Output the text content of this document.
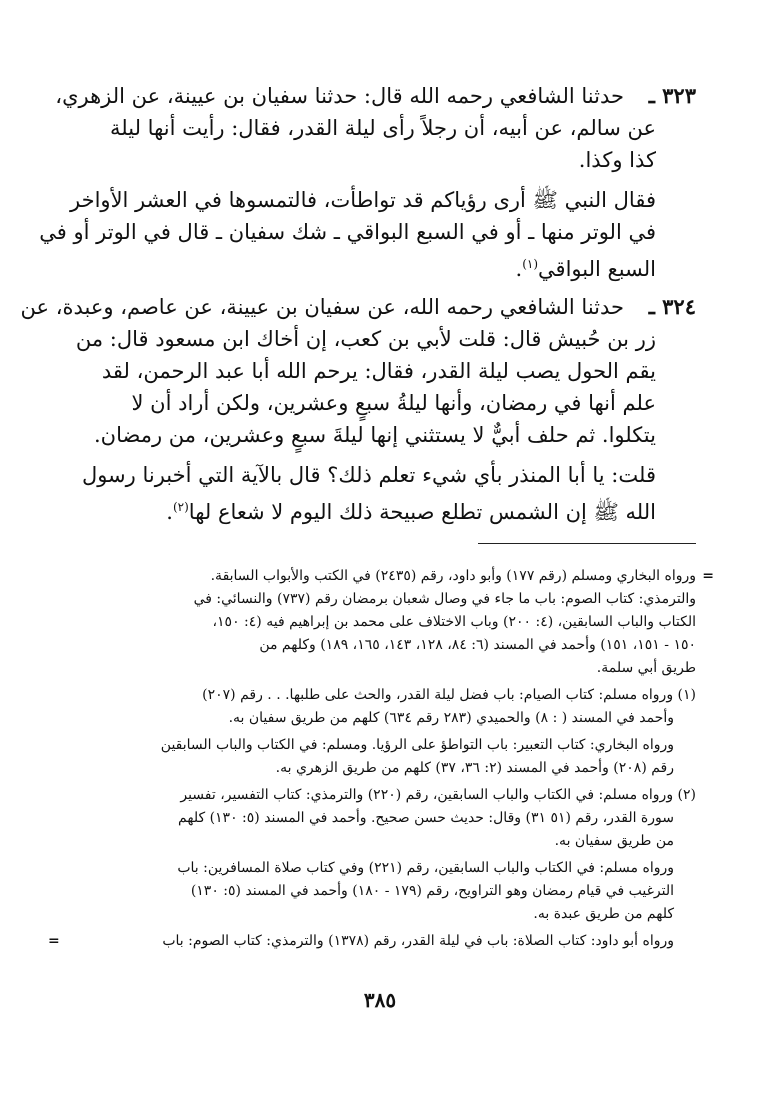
٣٢٣ ـ
حدثنا الشافعي رحمه الله قال: حدثنا سفيان بن عيينة، عن الزهري،
عن سالم، عن أبيه، أن رجلاً رأى ليلة القدر، فقال: رأيت أنها ليلة
كذا وكذا.
فقال النبي ﷺ أرى رؤياكم قد تواطأت، فالتمسوها في العشر الأواخر
في الوتر منها ـ أو في السبع البواقي ـ شك سفيان ـ قال في الوتر أو في
السبع البواقي$^{(١)}$.
٣٢٤ ـ
حدثنا الشافعي رحمه الله، عن سفيان بن عيينة، عن عاصم، وعبدة، عن
زر بن حُبيش قال: قلت لأبي بن كعب، إن أخاك ابن مسعود قال: من
يقم الحول يصب ليلة القدر، فقال: يرحم الله أبا عبد الرحمن، لقد
علم أنها في رمضان، وأنها ليلةُ سبعٍ وعشرين، ولكن أراد أن لا
يتكلوا. ثم حلف أبيٌّ لا يستثني إنها ليلةَ سبعٍ وعشرين، من رمضان.
قلت: يا أبا المنذر بأي شيء تعلم ذلك؟ قال بالآية التي أخبرنا رسول
الله ﷺ إن الشمس تطلع صبيحة ذلك اليوم لا شعاع لها$^{(٢)}$.
=
ورواه البخاري ومسلم (رقم ١٧٧) وأبو داود، رقم (٢٤٣٥) في الكتب والأبواب السابقة.
والترمذي: كتاب الصوم: باب ما جاء في وصال شعبان برمضان رقم (٧٣٧) والنسائي: في
الكتاب والباب السابقين، (٤: ٢٠٠) وباب الاختلاف على محمد بن إبراهيم فيه (٤: ١٥٠،
١٥٠ - ١٥١، ١٥١) وأحمد في المسند (٦: ٨٤، ١٢٨، ١٤٣، ١٦٥، ١٨٩) وكلهم من
طريق أبي سلمة.
(١) ورواه مسلم: كتاب الصيام: باب فضل ليلة القدر، والحث على طلبها. . . رقم (٢٠٧)
وأحمد في المسند ( : ٨) والحميدي (٢٨٣ رقم ٦٣٤) كلهم من طريق سفيان به.
ورواه البخاري: كتاب التعبير: باب التواطؤ على الرؤيا. ومسلم: في الكتاب والباب السابقين
رقم (٢٠٨) وأحمد في المسند (٢: ٣٦، ٣٧) كلهم من طريق الزهري به.
(٢) ورواه مسلم: في الكتاب والباب السابقين، رقم (٢٢٠) والترمذي: كتاب التفسير، تفسير
سورة القدر، رقم (٥١ ٣١) وقال: حديث حسن صحيح. وأحمد في المسند (٥: ١٣٠) كلهم
من طريق سفيان به.
ورواه مسلم: في الكتاب والباب السابقين، رقم (٢٢١) وفي كتاب صلاة المسافرين: باب
الترغيب في قيام رمضان وهو التراويح، رقم (١٧٩ - ١٨٠) وأحمد في المسند (٥: ١٣٠)
كلهم من طريق عبدة به.
=	ورواه أبو داود: كتاب الصلاة: باب في ليلة القدر، رقم (١٣٧٨) والترمذي: كتاب الصوم: باب
٣٨٥
